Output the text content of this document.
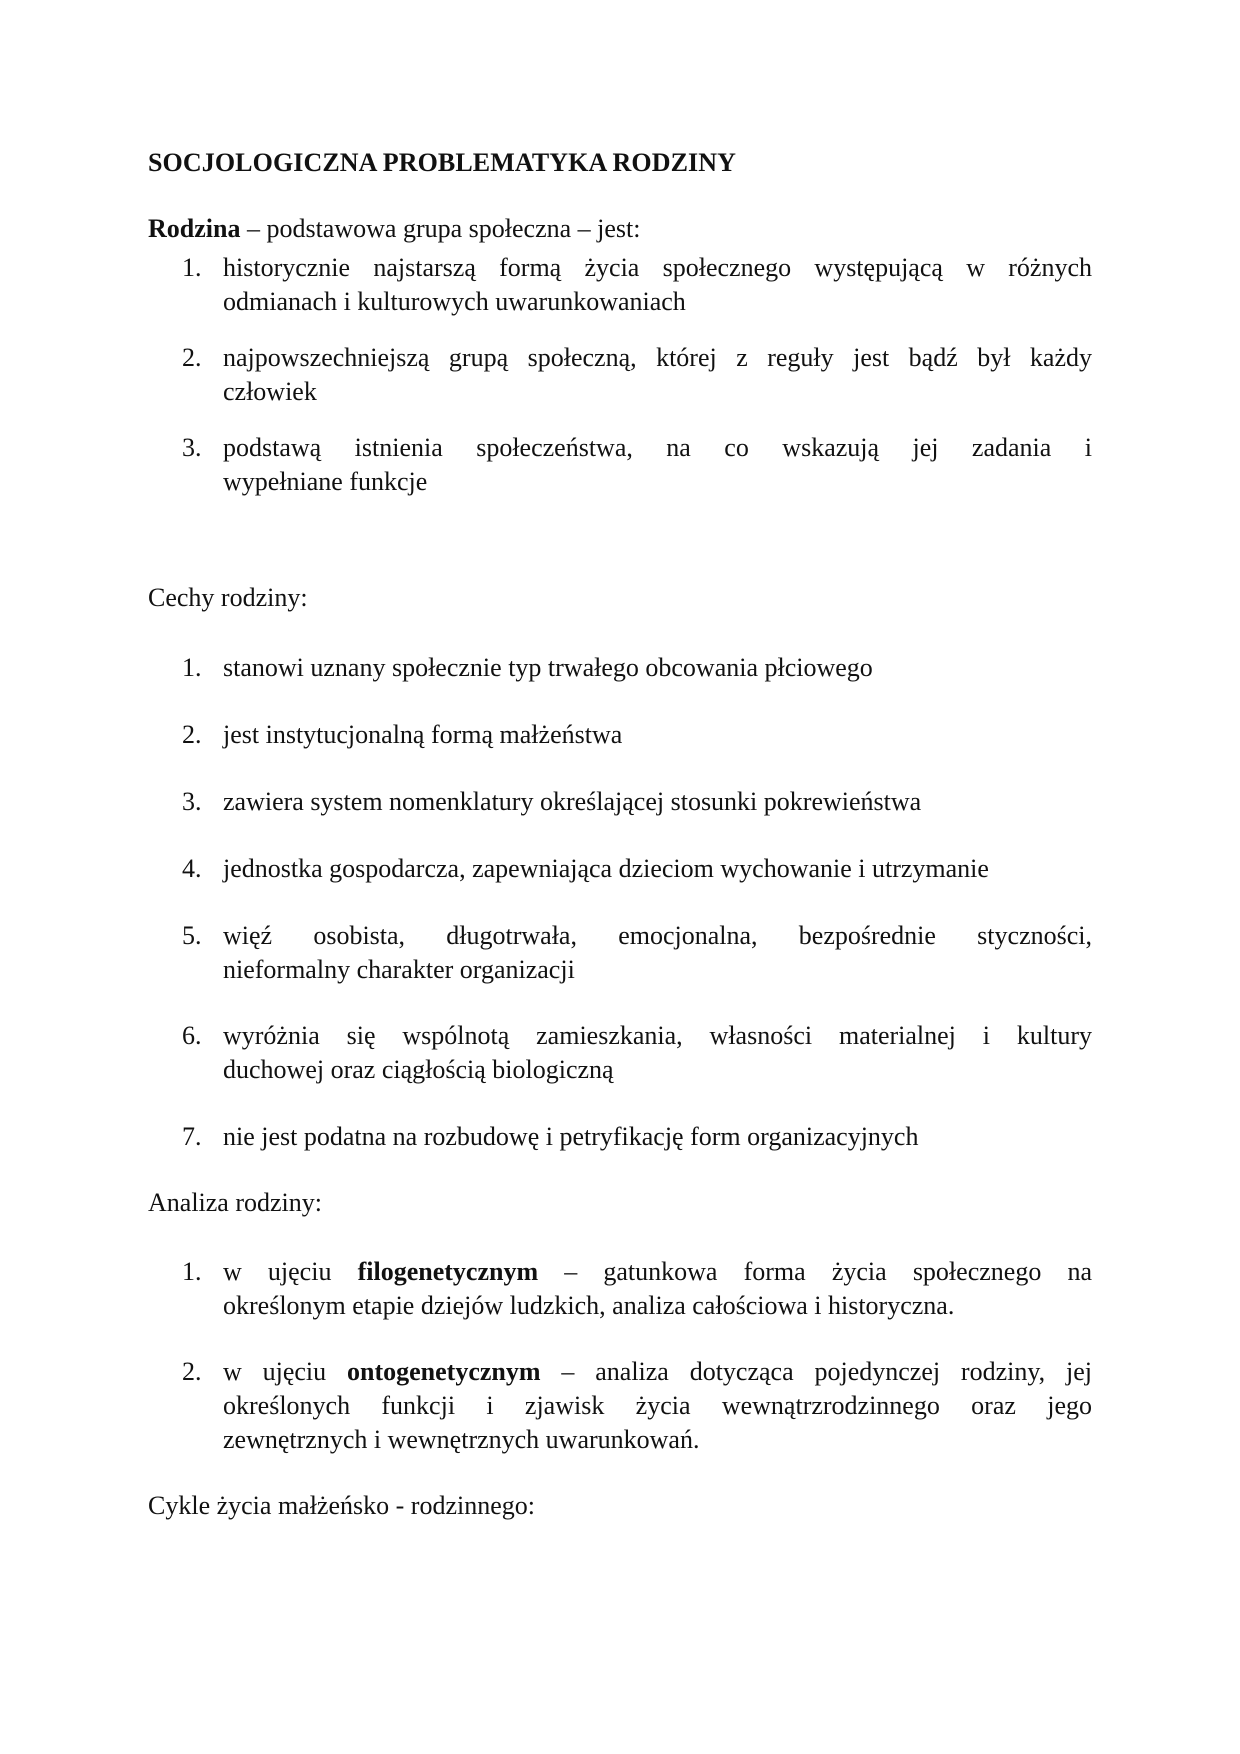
SOCJOLOGICZNA PROBLEMATYKA RODZINY
Rodzina – podstawowa grupa społeczna – jest:
1. historycznie najstarszą formą życia społecznego występującą w różnych
odmianach i kulturowych uwarunkowaniach
2. najpowszechniejszą grupą społeczną, której z reguły jest bądź był każdy
człowiek
3. podstawą istnienia społeczeństwa, na co wskazują jej zadania i
wypełniane funkcje
Cechy rodziny:
1. stanowi uznany społecznie typ trwałego obcowania płciowego
2. jest instytucjonalną formą małżeństwa
3. zawiera system nomenklatury określającej stosunki pokrewieństwa
4. jednostka gospodarcza, zapewniająca dzieciom wychowanie i utrzymanie
5. więź osobista, długotrwała, emocjonalna, bezpośrednie styczności,
nieformalny charakter organizacji
6. wyróżnia się wspólnotą zamieszkania, własności materialnej i kultury
duchowej oraz ciągłością biologiczną
7. nie jest podatna na rozbudowę i petryfikację form organizacyjnych
Analiza rodziny:
1. w ujęciu filogenetycznym – gatunkowa forma życia społecznego na
określonym etapie dziejów ludzkich, analiza całościowa i historyczna.
2. w ujęciu ontogenetycznym – analiza dotycząca pojedynczej rodziny, jej
określonych funkcji i zjawisk życia wewnątrzrodzinnego oraz jego
zewnętrznych i wewnętrznych uwarunkowań.
Cykle życia małżeńsko - rodzinnego:
